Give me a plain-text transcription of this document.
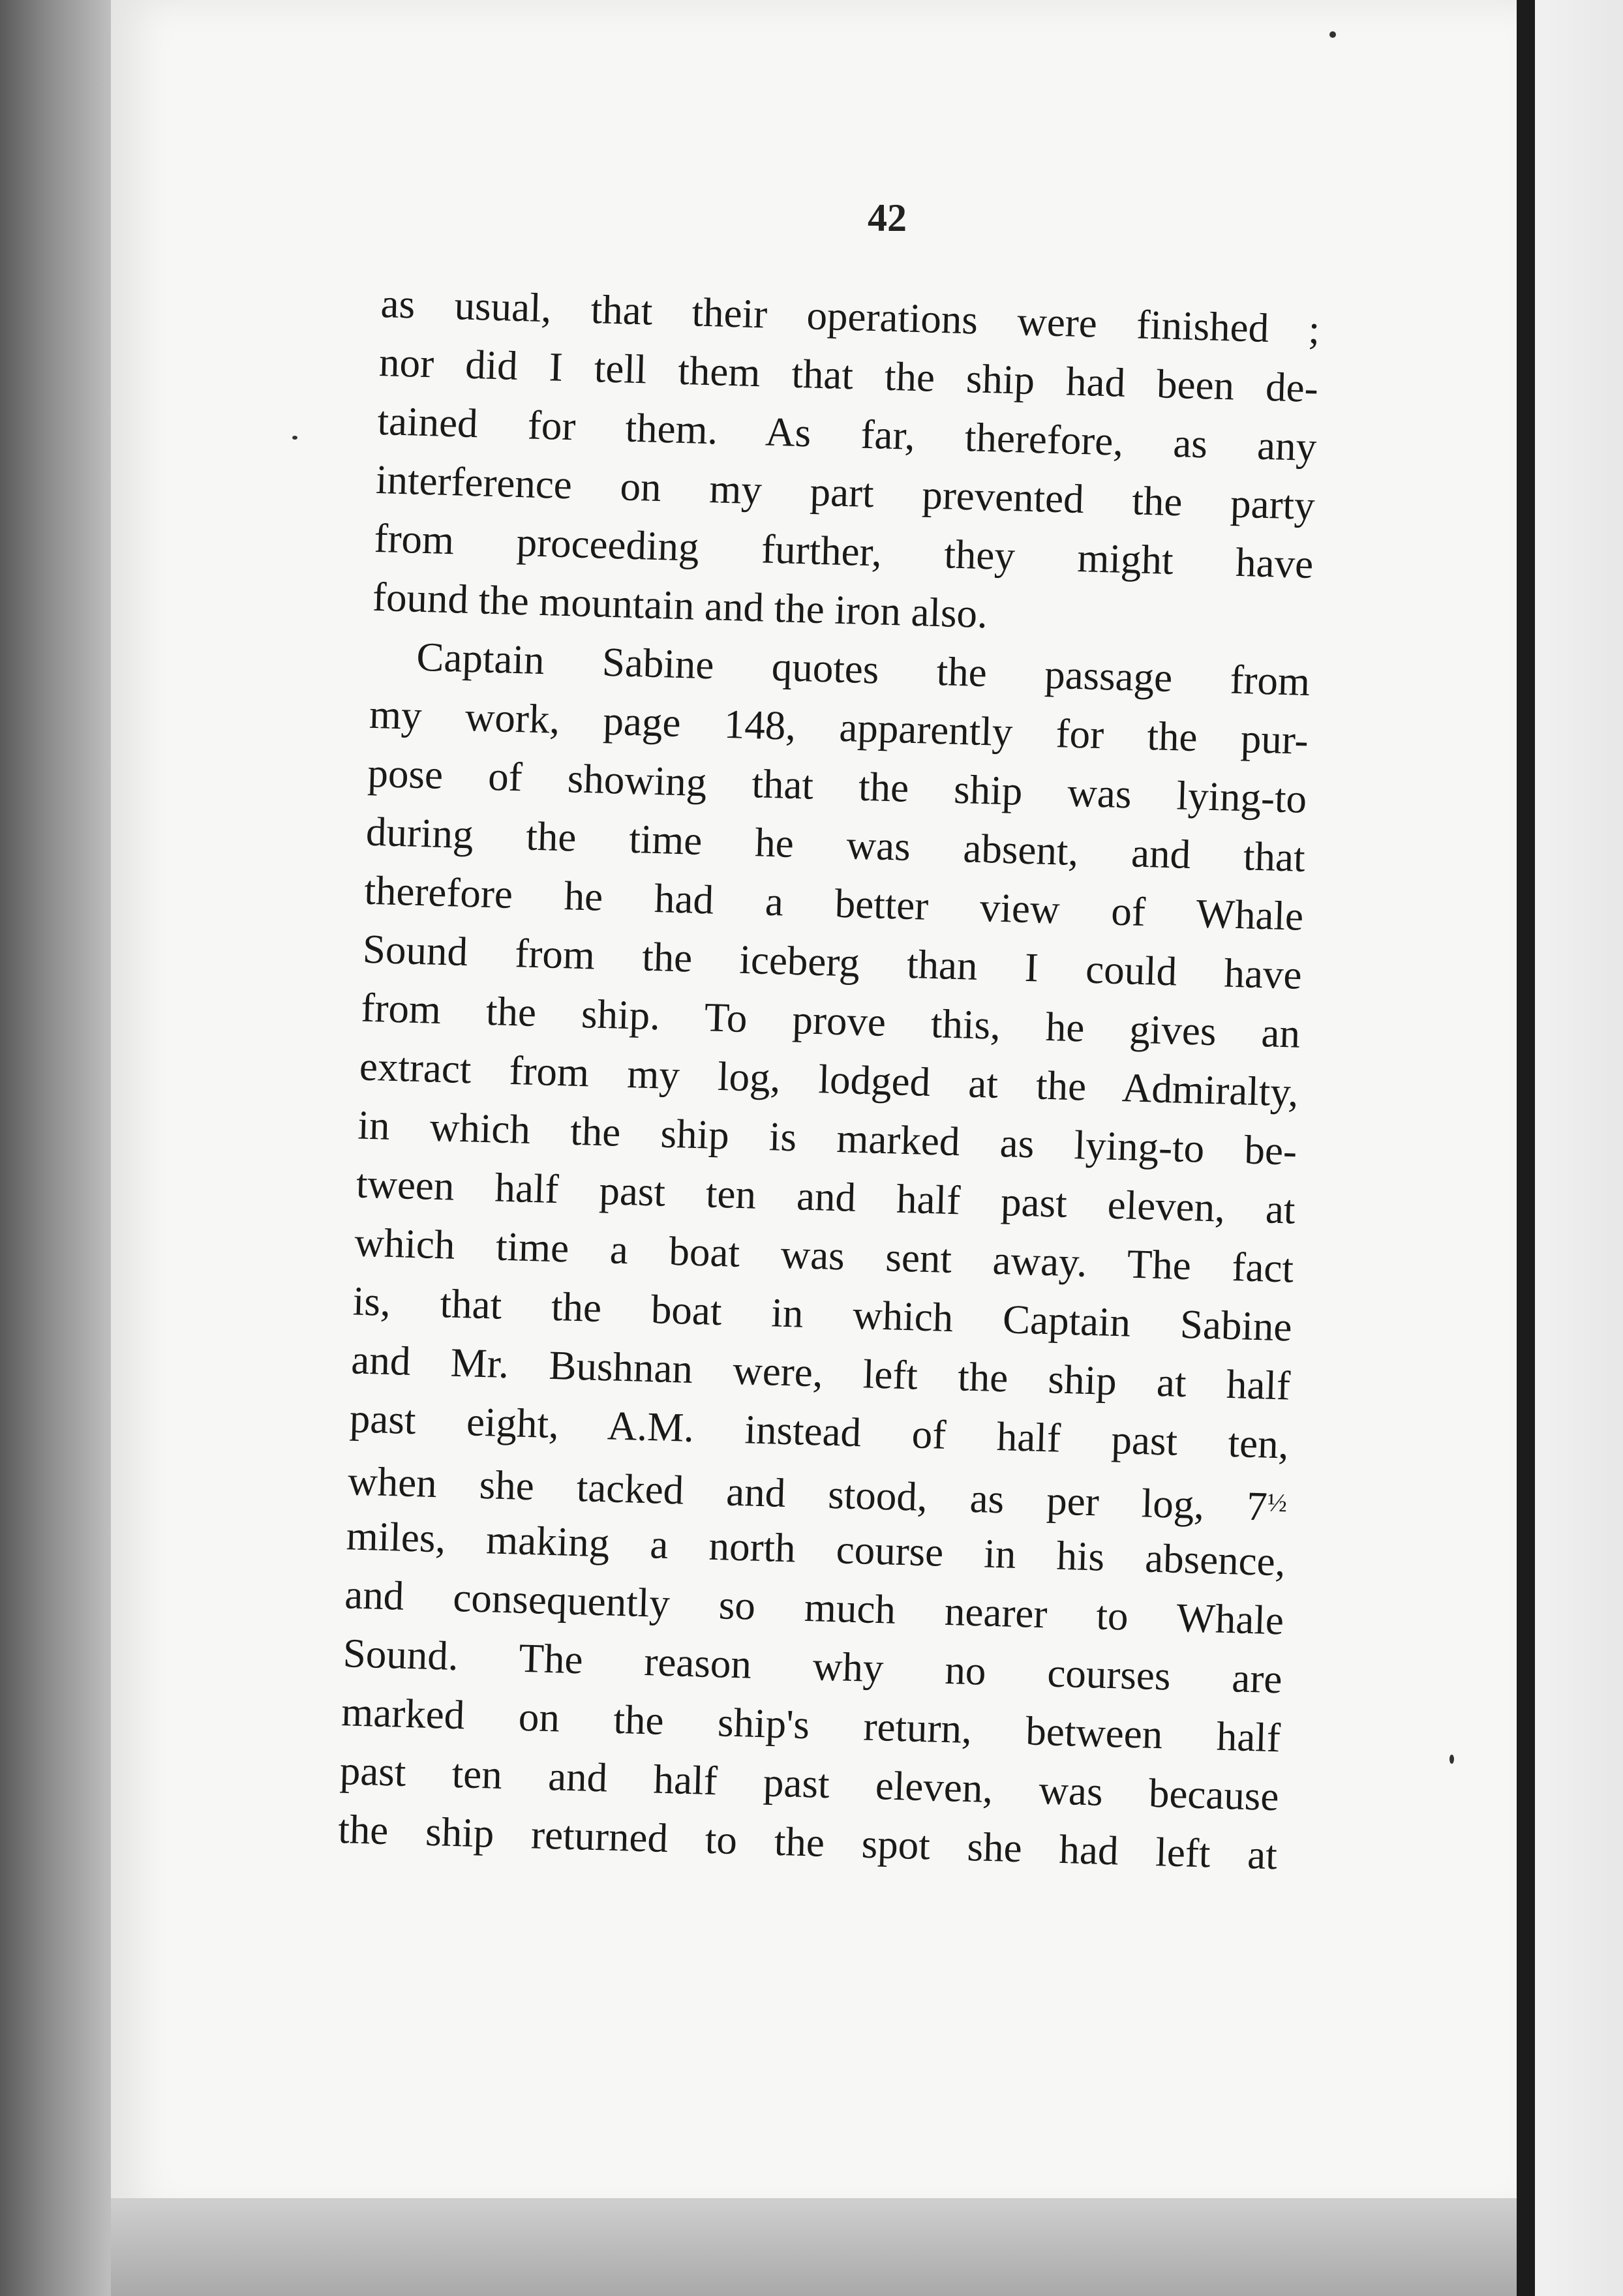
42
as usual, that their operations were finished ;
nor did I tell them that the ship had been de-
tained for them. As far, therefore, as any
interference on my part prevented the party
from proceeding further, they might have
found the mountain and the iron also.
Captain Sabine quotes the passage from
my work, page 148, apparently for the pur-
pose of showing that the ship was lying-to
during the time he was absent, and that
therefore he had a better view of Whale
Sound from the iceberg than I could have
from the ship. To prove this, he gives an
extract from my log, lodged at the Admiralty,
in which the ship is marked as lying-to be-
tween half past ten and half past eleven, at
which time a boat was sent away. The fact
is, that the boat in which Captain Sabine
and Mr. Bushnan were, left the ship at half
past eight, A.M. instead of half past ten,
when she tacked and stood, as per log, $7^{\frac{1}{2}}$
miles, making a north course in his absence,
and consequently so much nearer to Whale
Sound. The reason why no courses are
marked on the ship's return, between half
past ten and half past eleven, was because
the ship returned to the spot she had left at
